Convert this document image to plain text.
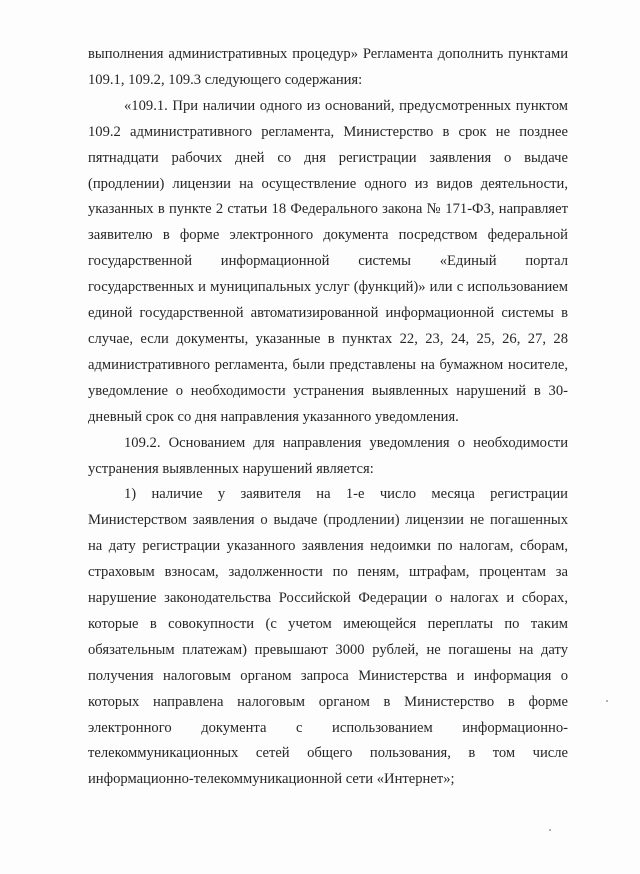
выполнения административных процедур» Регламента дополнить пунктами 109.1, 109.2, 109.3 следующего содержания:

«109.1. При наличии одного из оснований, предусмотренных пунктом 109.2 административного регламента, Министерство в срок не позднее пятнадцати рабочих дней со дня регистрации заявления о выдаче (продлении) лицензии на осуществление одного из видов деятельности, указанных в пункте 2 статьи 18 Федерального закона № 171-ФЗ, направляет заявителю в форме электронного документа посредством федеральной государственной информационной системы «Единый портал государственных и муниципальных услуг (функций)» или с использованием единой государственной автоматизированной информационной системы в случае, если документы, указанные в пунктах 22, 23, 24, 25, 26, 27, 28 административного регламента, были представлены на бумажном носителе, уведомление о необходимости устранения выявленных нарушений в 30-дневный срок со дня направления указанного уведомления.

109.2. Основанием для направления уведомления о необходимости устранения выявленных нарушений является:

1) наличие у заявителя на 1-е число месяца регистрации Министерством заявления о выдаче (продлении) лицензии не погашенных на дату регистрации указанного заявления недоимки по налогам, сборам, страховым взносам, задолженности по пеням, штрафам, процентам за нарушение законодательства Российской Федерации о налогах и сборах, которые в совокупности (с учетом имеющейся переплаты по таким обязательным платежам) превышают 3000 рублей, не погашены на дату получения налоговым органом запроса Министерства и информация о которых направлена налоговым органом в Министерство в форме электронного документа с использованием информационно-телекоммуникационных сетей общего пользования, в том числе информационно-телекоммуникационной сети «Интернет»;
